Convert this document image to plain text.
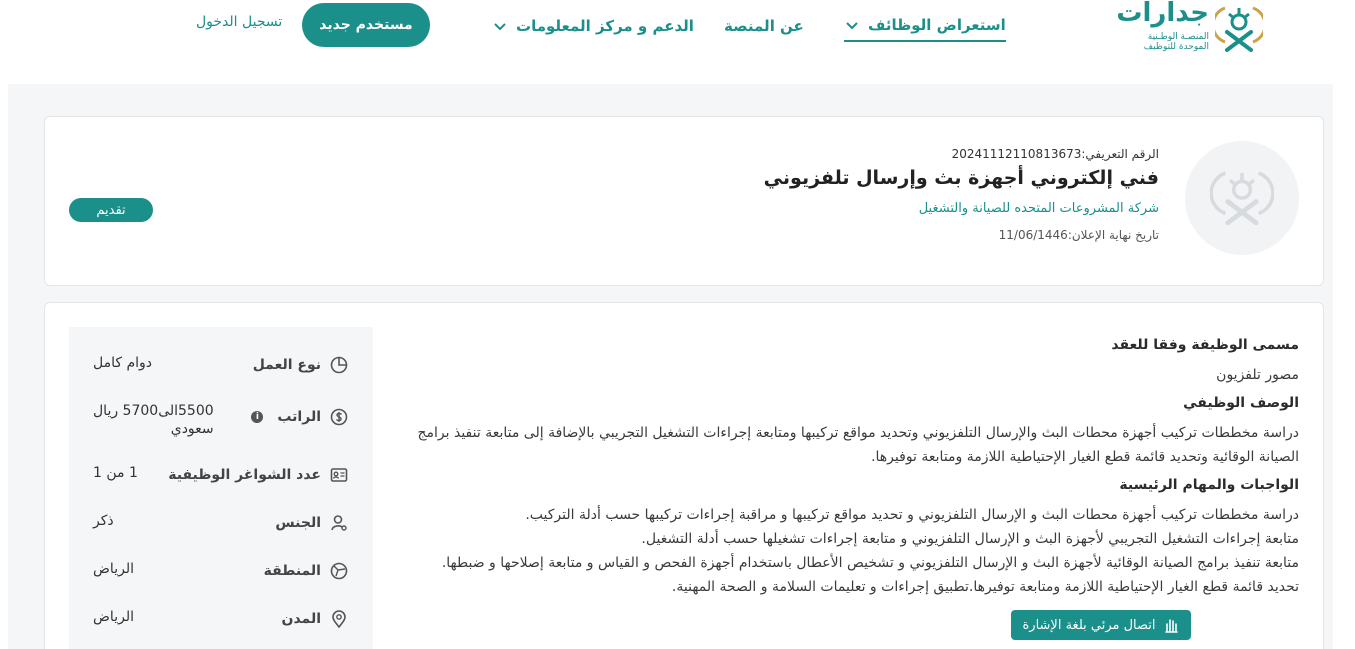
جدارات
المنصـة الوطـنية
الموحدة للتوظيف
استعراض الوظائف
عن المنصة
الدعم و مركز المعلومات
مستخدم جديد
تسجيل الدخول
الرقم التعريفي:20241112110813673
فني إلكتروني أجهزة بث وإرسال تلفزيوني
شركة المشروعات المتحده للصيانة والتشغيل
تاريخ نهاية الإعلان:11/06/1446
تقديم
نوع العمل
دوام كامل
الراتب
i
5500الى5700 ريال
سعودي
عدد الشواغر الوظيفية
1 من 1
الجنس
ذكر
المنطقة
الرياض
المدن
الرياض
مسمى الوظيفة وفقا للعقد

مصور تلفزيون

الوصف الوظيفي

دراسة مخططات تركيب أجهزة محطات البث والإرسال التلفزيوني وتحديد مواقع تركيبها ومتابعة إجراءات التشغيل التجريبي بالإضافة إلى متابعة تنفيذ برامج الصيانة الوقائية وتحديد قائمة قطع الغيار الإحتياطية اللازمة ومتابعة توفيرها.

الواجبات والمهام الرئيسية
دراسة مخططات تركيب أجهزة محطات البث و الإرسال التلفزيوني و تحديد مواقع تركيبها و مراقبة إجراءات تركيبها حسب أدلة التركيب.
متابعة إجراءات التشغيل التجريبي لأجهزة البث و الإرسال التلفزيوني و متابعة إجراءات تشغيلها حسب أدلة التشغيل.
متابعة تنفيذ برامج الصيانة الوقائية لأجهزة البث و الإرسال التلفزيوني و تشخيص الأعطال باستخدام أجهزة الفحص و القياس و متابعة إصلاحها و ضبطها.
تحديد قائمة قطع الغيار الإحتياطية اللازمة ومتابعة توفيرها.تطبيق إجراءات و تعليمات السلامة و الصحة المهنية.
اتصال مرئي بلغة الإشارة
